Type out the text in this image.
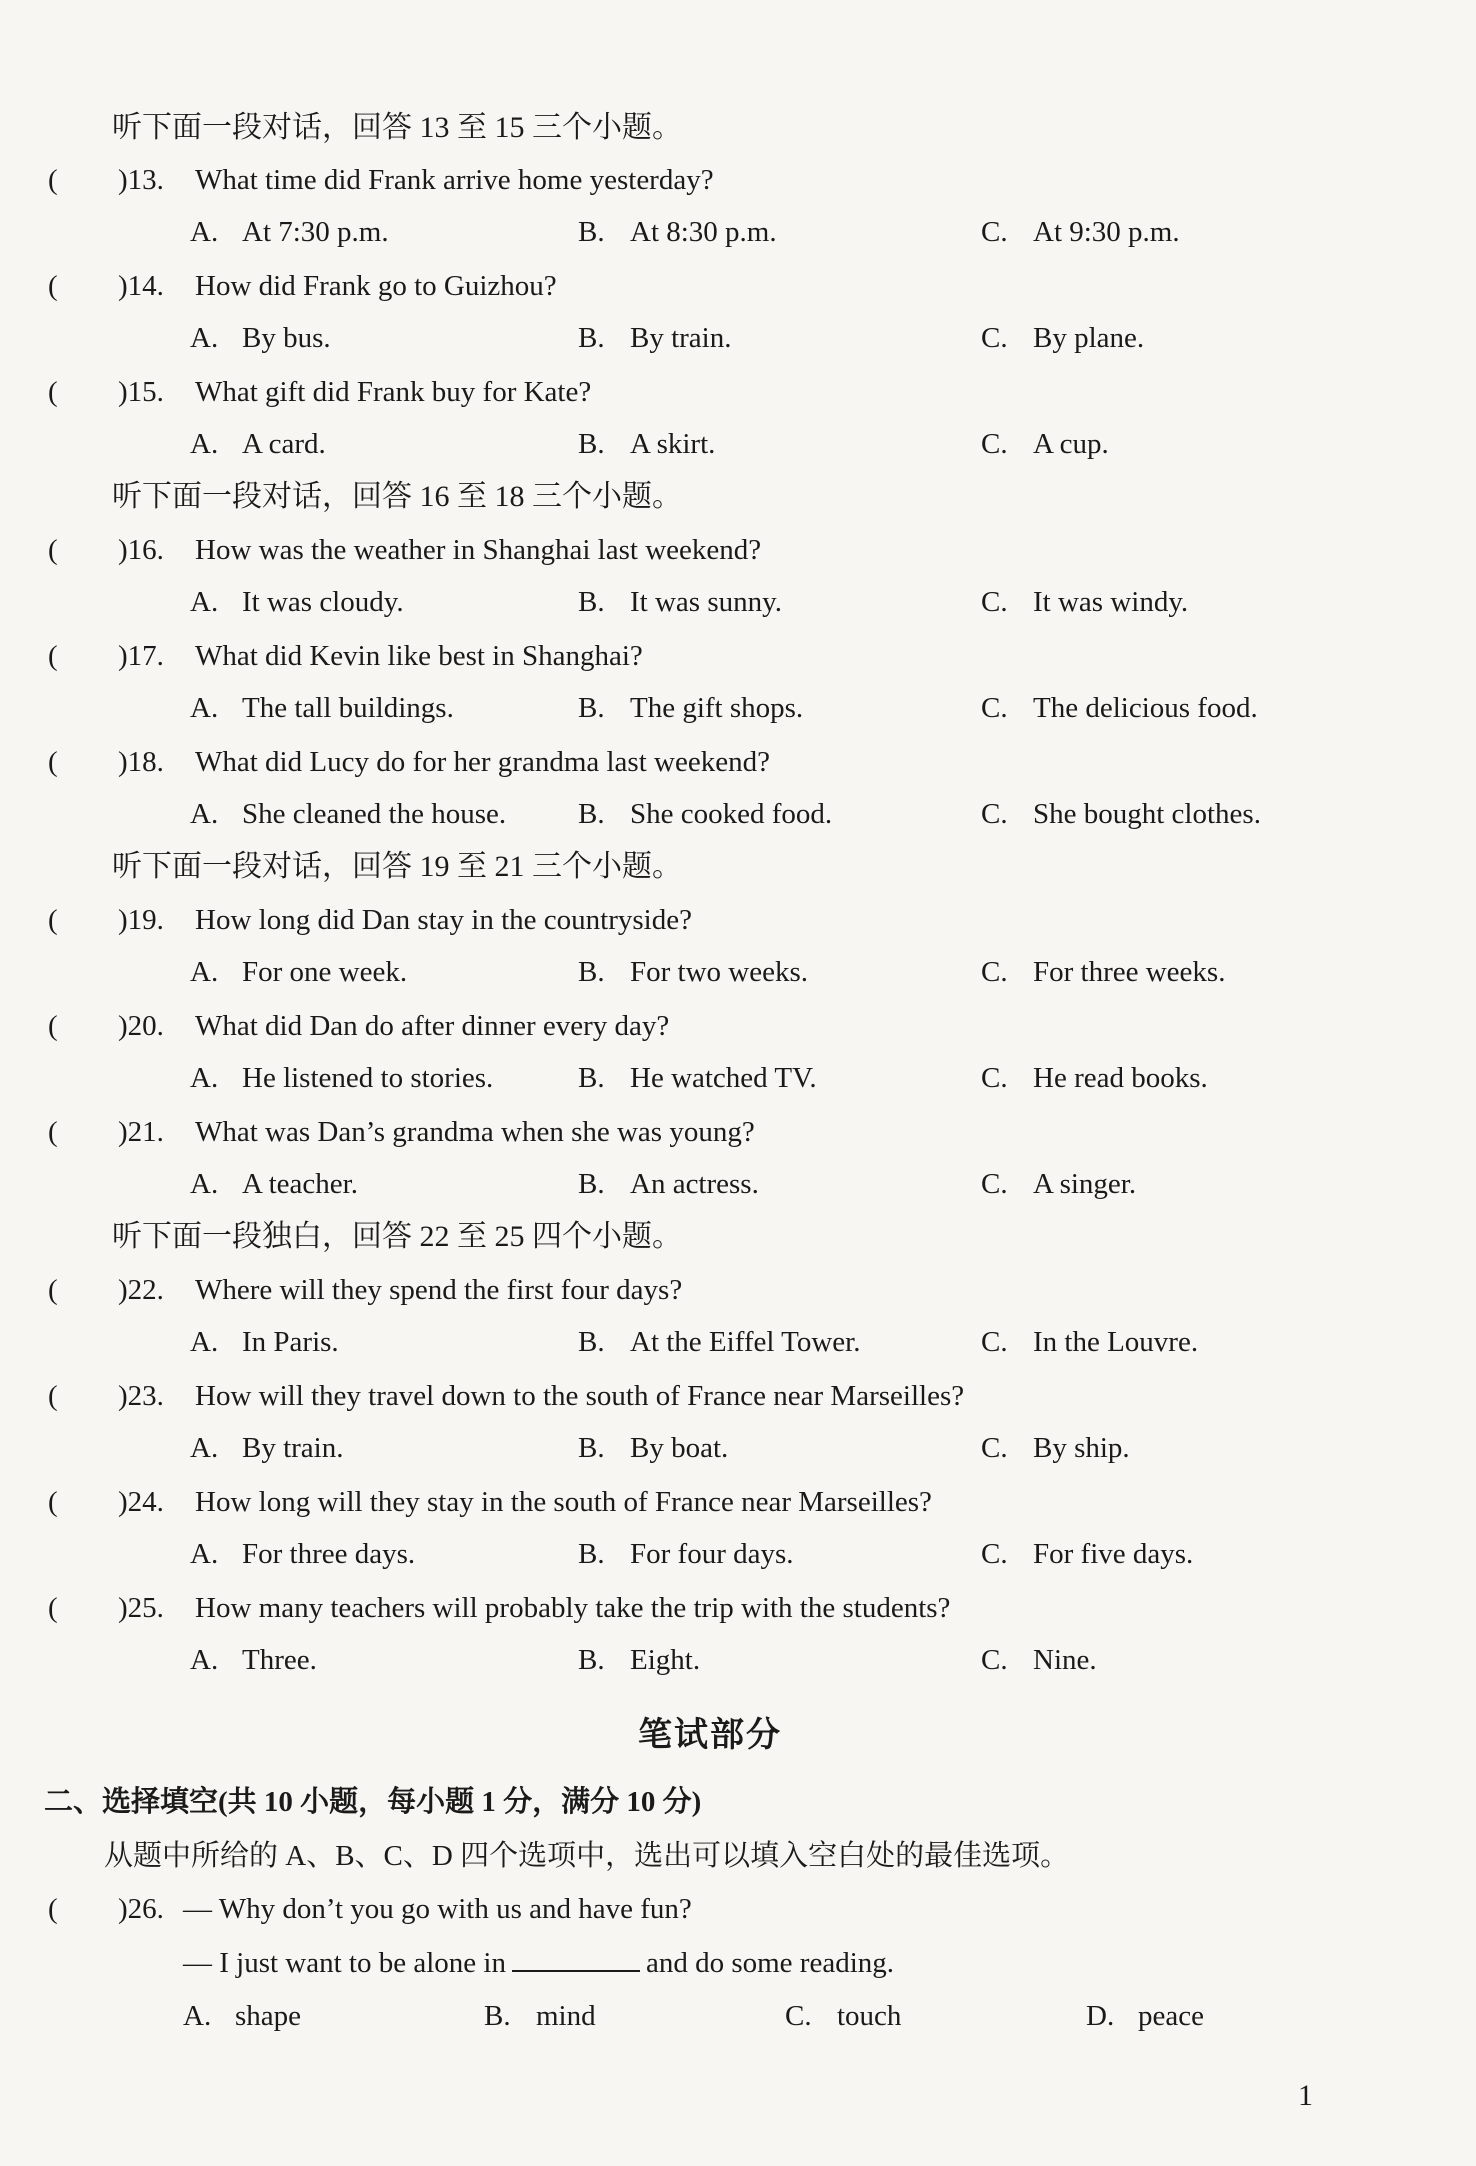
听下面一段对话，回答 13 至 15 三个小题。
( )13. What time did Frank arrive home yesterday?
A. At 7:30 p.m.	B. At 8:30 p.m.	C. At 9:30 p.m.
( )14. How did Frank go to Guizhou?
A. By bus.	B. By train.	C. By plane.
( )15. What gift did Frank buy for Kate?
A. A card.	B. A skirt.	C. A cup.
听下面一段对话，回答 16 至 18 三个小题。
( )16. How was the weather in Shanghai last weekend?
A. It was cloudy.	B. It was sunny.	C. It was windy.
( )17. What did Kevin like best in Shanghai?
A. The tall buildings.	B. The gift shops.	C. The delicious food.
( )18. What did Lucy do for her grandma last weekend?
A. She cleaned the house. B. She cooked food.	C. She bought clothes.
听下面一段对话，回答 19 至 21 三个小题。
( )19. How long did Dan stay in the countryside?
A. For one week.	B. For two weeks.	C. For three weeks.
( )20. What did Dan do after dinner every day?
A. He listened to stories.	B. He watched TV.	C. He read books.
( )21. What was Dan’s grandma when she was young?
A. A teacher.	B. An actress.	C. A singer.
听下面一段独白，回答 22 至 25 四个小题。
( )22. Where will they spend the first four days?
A. In Paris.	B. At the Eiffel Tower.	C. In the Louvre.
( )23. How will they travel down to the south of France near Marseilles?
A. By train.	B. By boat.	C. By ship.
( )24. How long will they stay in the south of France near Marseilles?
A. For three days.	B. For four days.	C. For five days.
( )25. How many teachers will probably take the trip with the students?
A. Three.	B. Eight.	C. Nine.
笔试部分
二、选择填空(共 10 小题，每小题 1 分，满分 10 分)
从题中所给的 A、B、C、D 四个选项中，选出可以填入空白处的最佳选项。
( )26. — Why don’t you go with us and have fun?
— I just want to be alone in	and do some reading.
A. shape	B. mind	C. touch	D. peace
1
